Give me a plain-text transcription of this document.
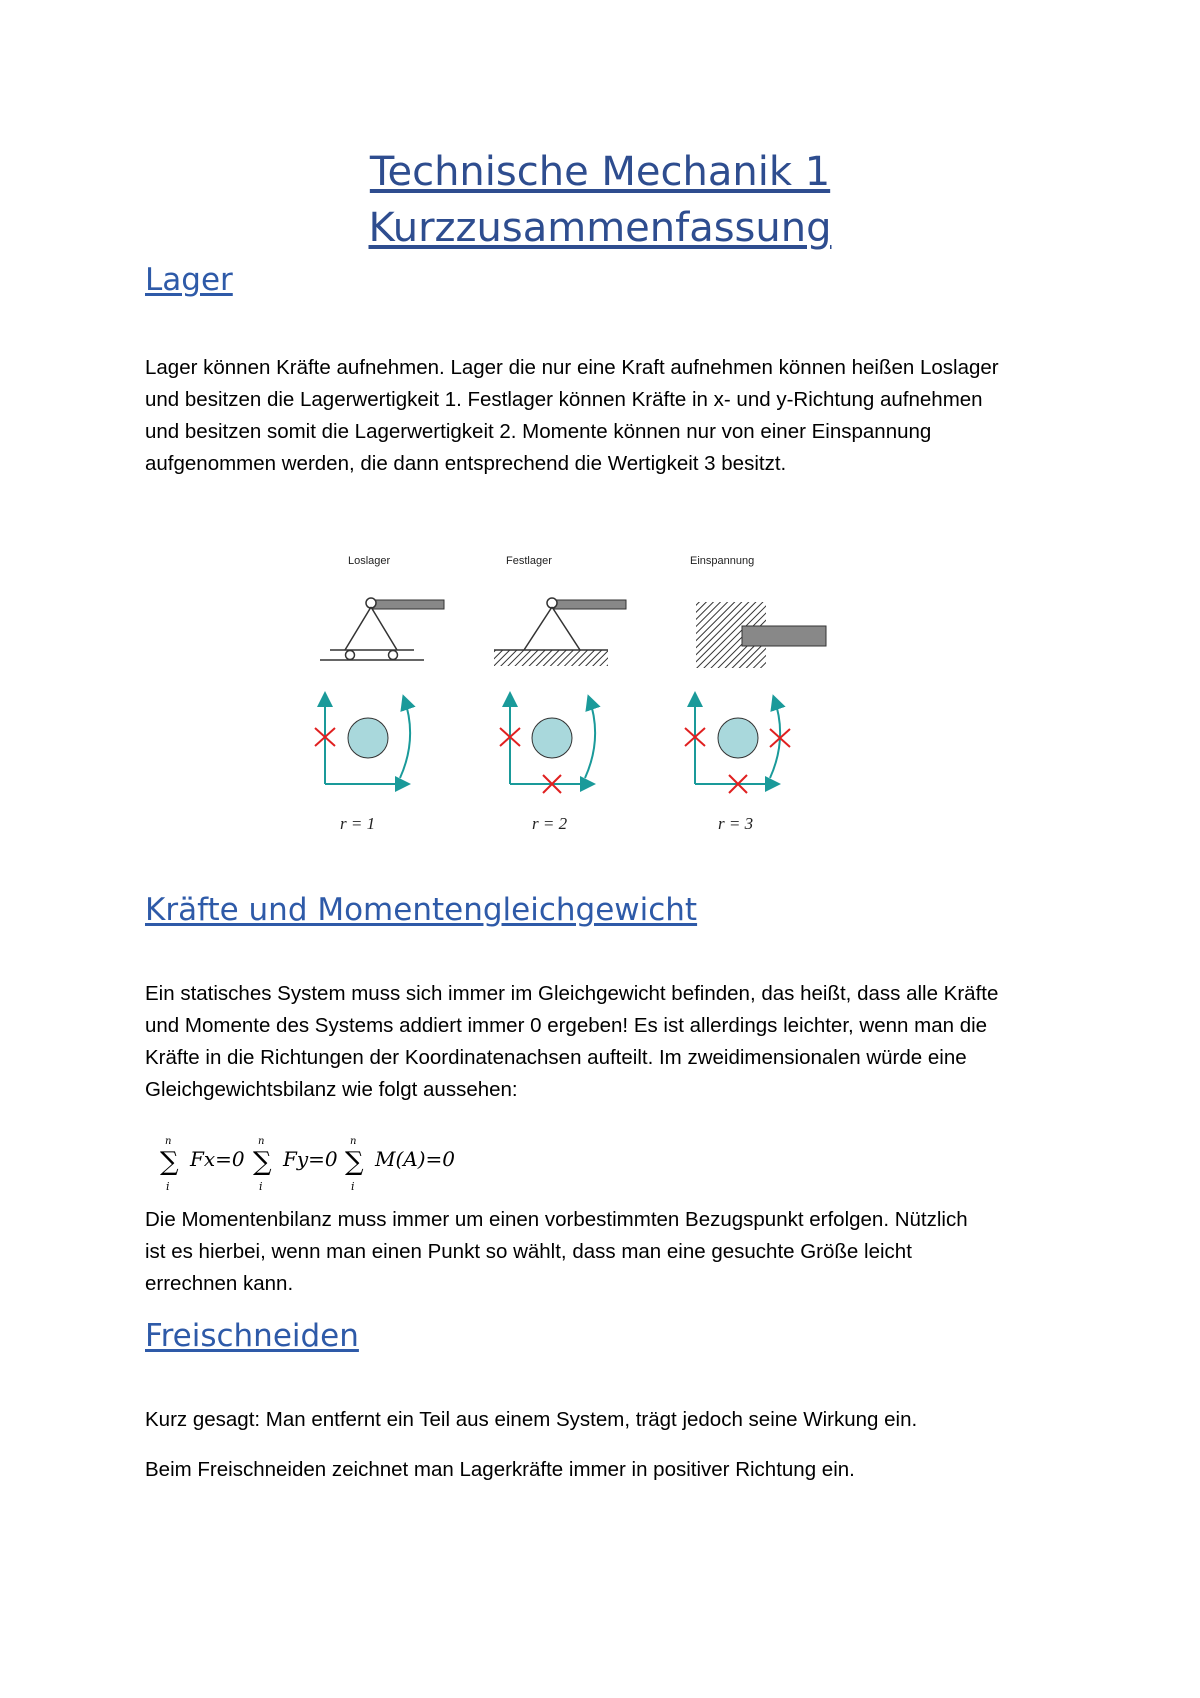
Technische Mechanik 1
Kurzzusammenfassung
Lager
Lager können Kräfte aufnehmen. Lager die nur eine Kraft aufnehmen können heißen Loslager
und besitzen die Lagerwertigkeit 1. Festlager können Kräfte in x- und y-Richtung aufnehmen
und besitzen somit die Lagerwertigkeit 2. Momente können nur von einer Einspannung
aufgenommen werden, die dann entsprechend die Wertigkeit 3 besitzt.
Loslager	Festlager	Einspannung
r = 1	r = 2	r = 3
Kräfte und Momentengleichgewicht
Ein statisches System muss sich immer im Gleichgewicht befinden, das heißt, dass alle Kräfte
und Momente des Systems addiert immer 0 ergeben! Es ist allerdings leichter, wenn man die
Kräfte in die Richtungen der Koordinatenachsen aufteilt. Im zweidimensionalen würde eine
Gleichgewichtsbilanz wie folgt aussehen:
n
∑
i
Fx=0
n
∑
i
Fy=0
n
∑
i
M(A)=0
Die Momentenbilanz muss immer um einen vorbestimmten Bezugspunkt erfolgen. Nützlich
ist es hierbei, wenn man einen Punkt so wählt, dass man eine gesuchte Größe leicht
errechnen kann.
Freischneiden

Kurz gesagt: Man entfernt ein Teil aus einem System, trägt jedoch seine Wirkung ein.

Beim Freischneiden zeichnet man Lagerkräfte immer in positiver Richtung ein.
